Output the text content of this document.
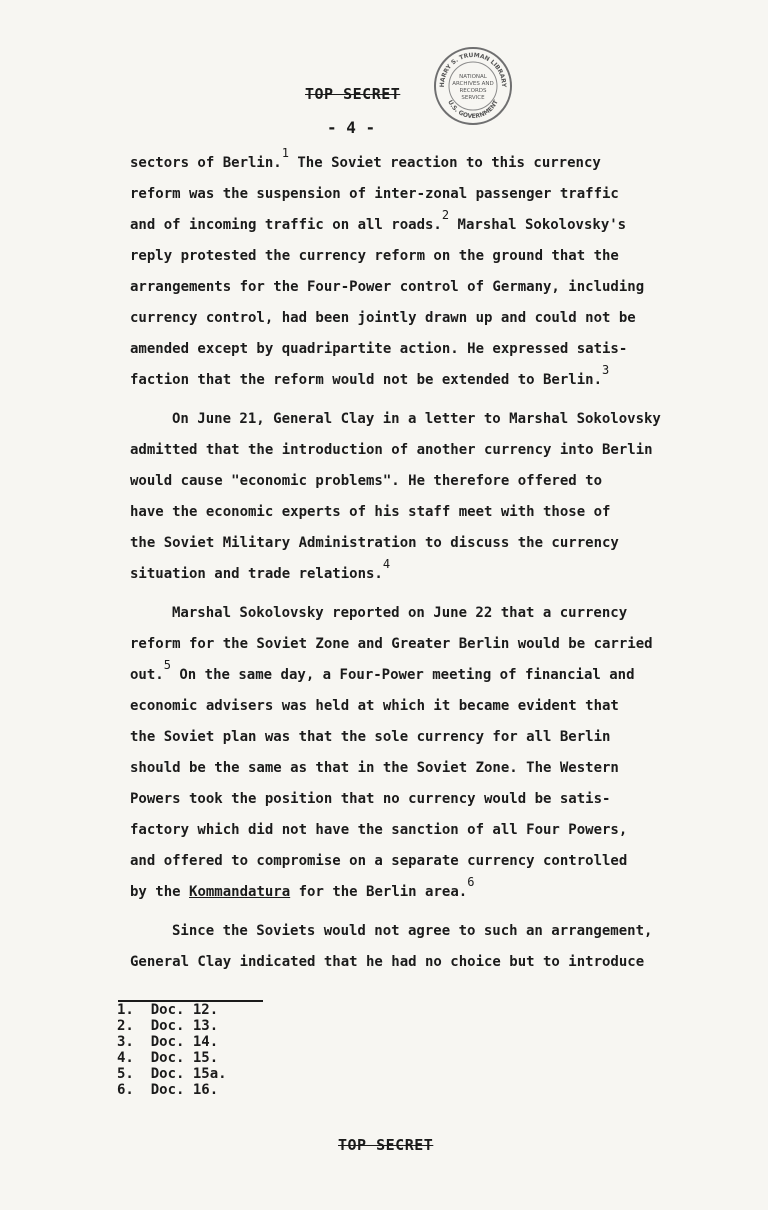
TOP SECRET
HARRY S. TRUMAN LIBRARY
U.S. GOVERNMENT
NATIONAL
ARCHIVES AND
RECORDS
SERVICE
- 4 -
sectors of Berlin.$^1$ The Soviet reaction to this currency
reform was the suspension of inter-zonal passenger traffic
and of incoming traffic on all roads.$^2$ Marshal Sokolovsky's
reply protested the currency reform on the ground that the
arrangements for the Four-Power control of Germany, including
currency control, had been jointly drawn up and could not be
amended except by quadripartite action. He expressed satis-
faction that the reform would not be extended to Berlin.$^3$
On June 21, General Clay in a letter to Marshal Sokolovsky
admitted that the introduction of another currency into Berlin
would cause "economic problems". He therefore offered to
have the economic experts of his staff meet with those of
the Soviet Military Administration to discuss the currency
situation and trade relations.$^4$
Marshal Sokolovsky reported on June 22 that a currency
reform for the Soviet Zone and Greater Berlin would be carried
out.$^5$ On the same day, a Four-Power meeting of financial and
economic advisers was held at which it became evident that
the Soviet plan was that the sole currency for all Berlin
should be the same as that in the Soviet Zone. The Western
Powers took the position that no currency would be satis-
factory which did not have the sanction of all Four Powers,
and offered to compromise on a separate currency controlled
by the Kommandatura for the Berlin area.$^6$
Since the Soviets would not agree to such an arrangement,
General Clay indicated that he had no choice but to introduce
1.  Doc. 12.
2.  Doc. 13.
3.  Doc. 14.
4.  Doc. 15.
5.  Doc. 15a.
6.  Doc. 16.
TOP SECRET
